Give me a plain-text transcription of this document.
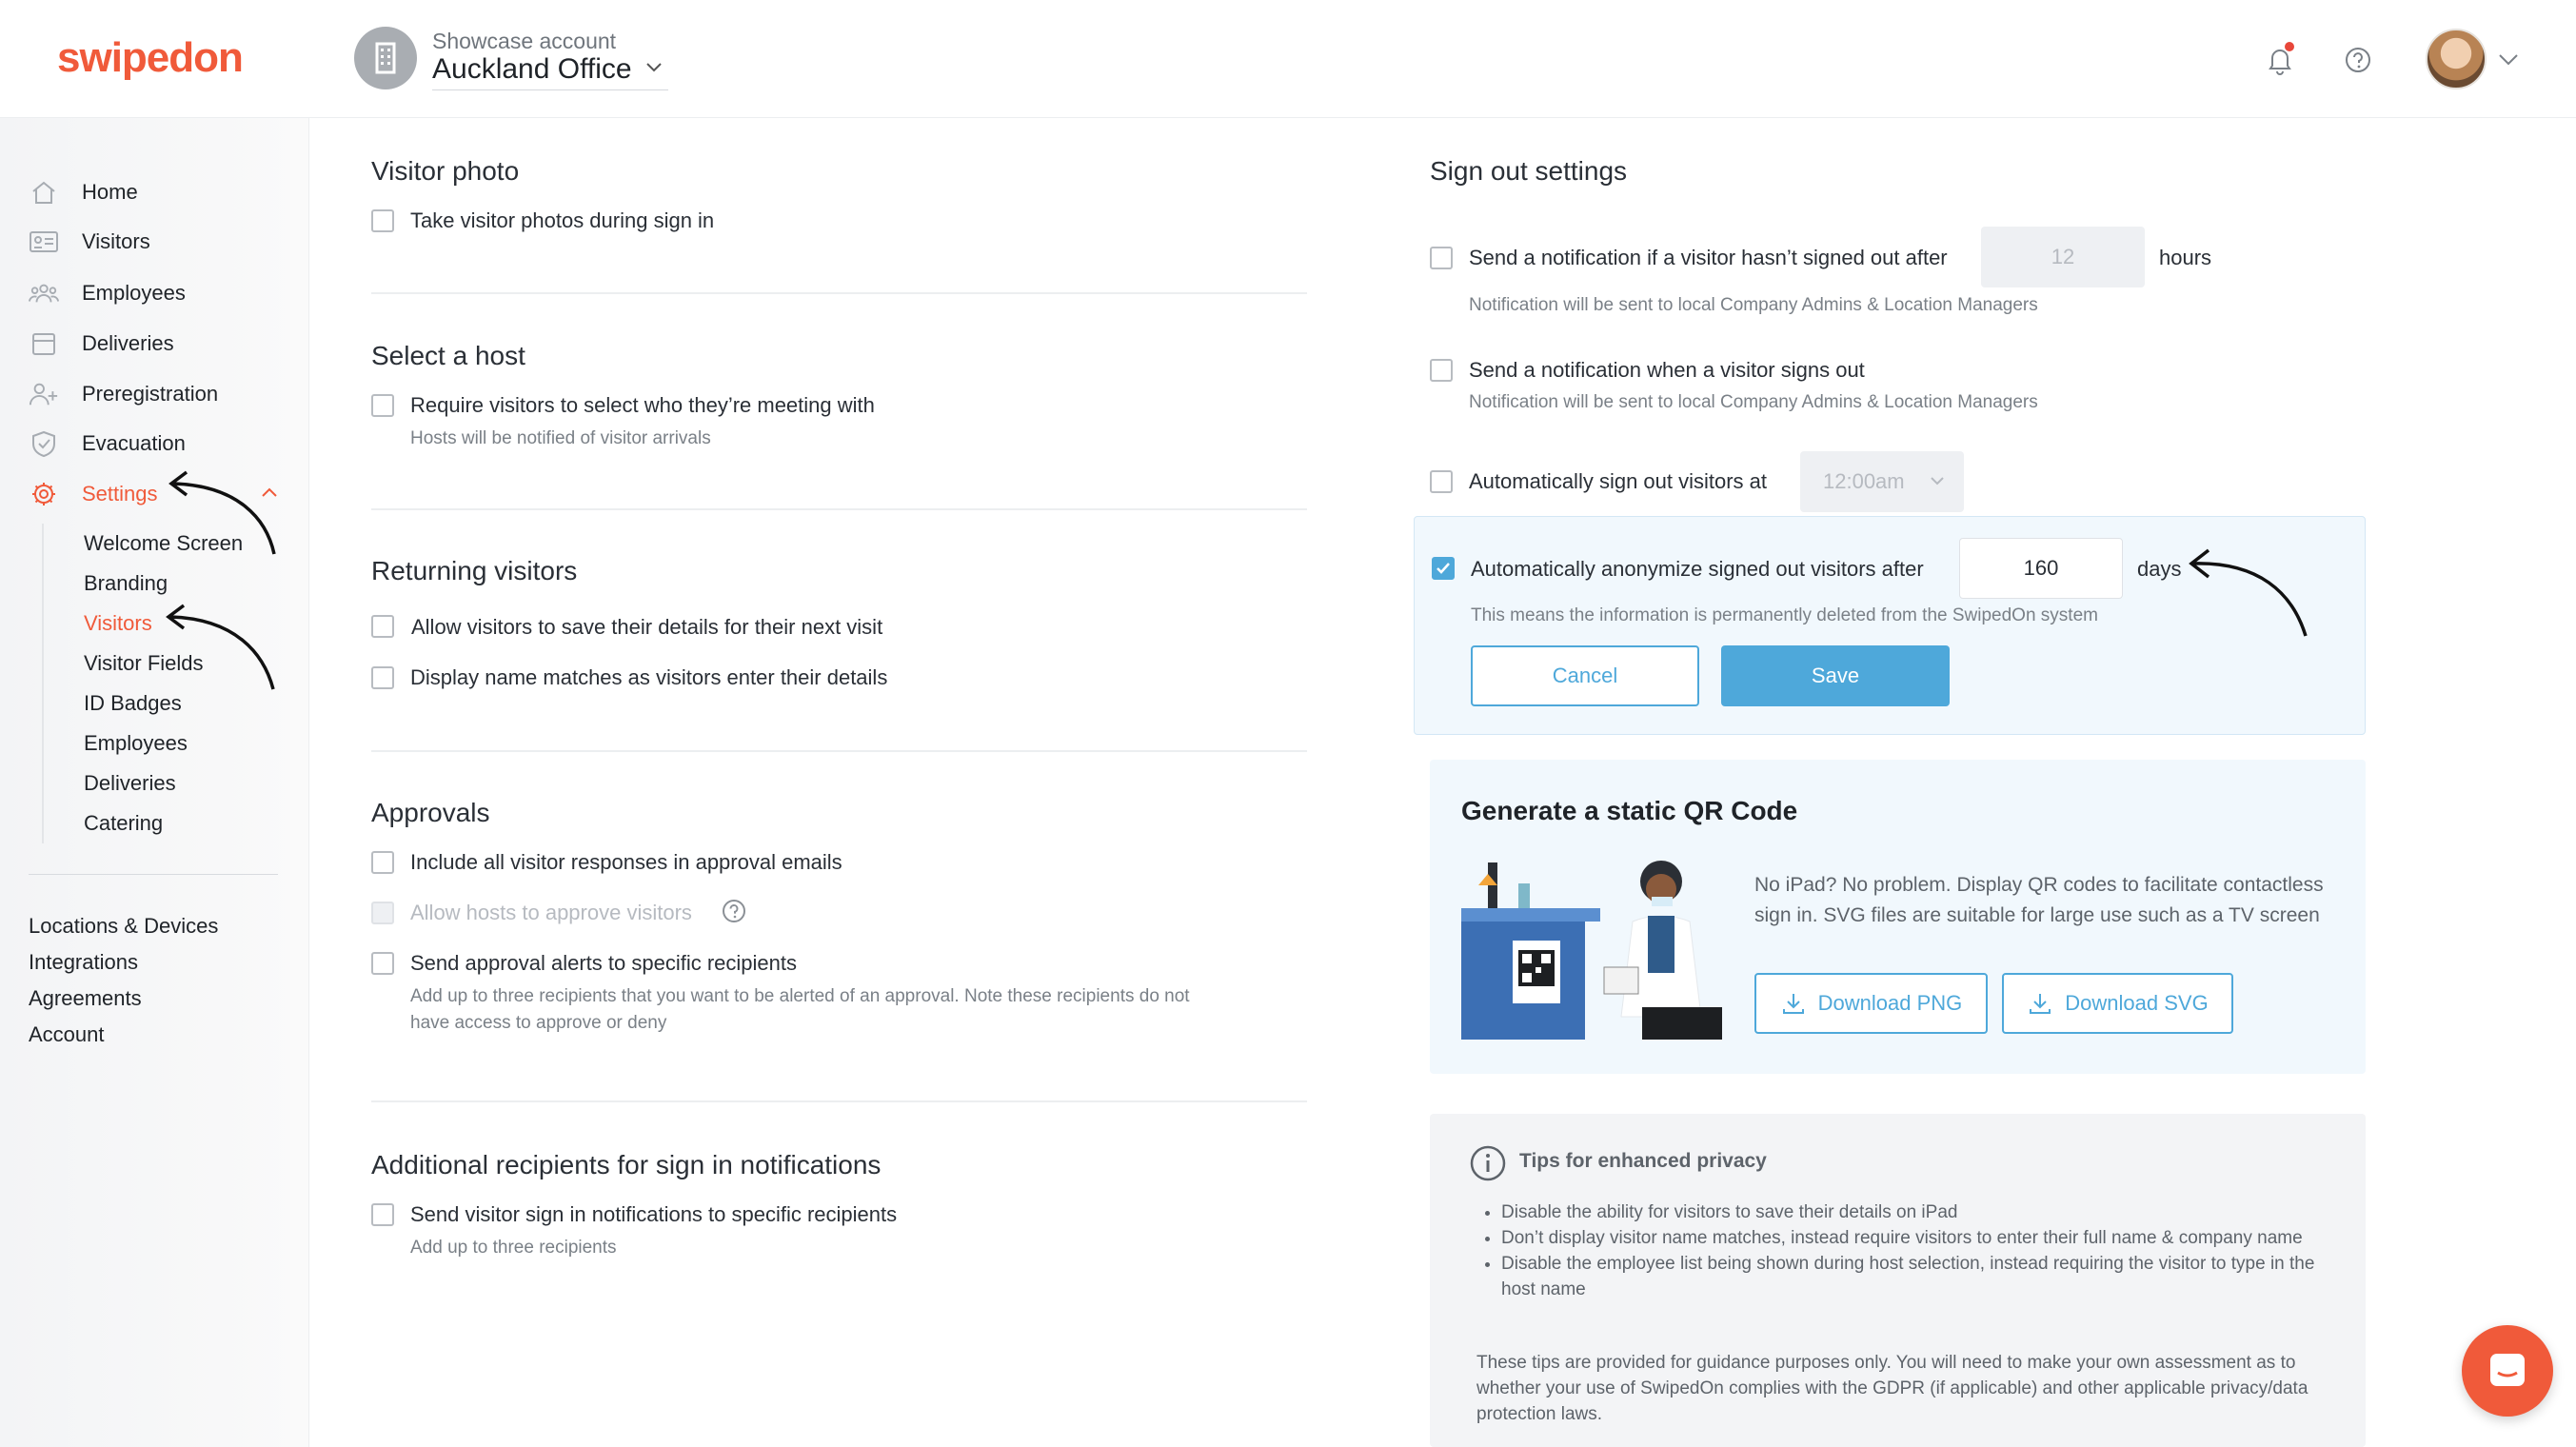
swipedon	Showcase account
Auckland Office
Home
Visitors
Employees
Deliveries
Preregistration
Evacuation
Settings
Welcome Screen
Branding
Visitors
Visitor Fields
ID Badges
Employees
Deliveries
Catering
Locations & Devices
Integrations
Agreements
Account
Visitor photo
Take visitor photos during sign in
Select a host
Require visitors to select who they’re meeting with
Hosts will be notified of visitor arrivals
Returning visitors
Allow visitors to save their details for their next visit
Display name matches as visitors enter their details
Approvals
Include all visitor responses in approval emails
Allow hosts to approve visitors
Send approval alerts to specific recipients
Add up to three recipients that you want to be alerted of an approval. Note these recipients do not
have access to approve or deny
Additional recipients for sign in notifications
Send visitor sign in notifications to specific recipients
Add up to three recipients
Sign out settings
Send a notification if a visitor hasn’t signed out after	12	hours
Notification will be sent to local Company Admins & Location Managers
Send a notification when a visitor signs out
Notification will be sent to local Company Admins & Location Managers
Automatically sign out visitors at	12:00am
Automatically anonymize signed out visitors after	160	days
This means the information is permanently deleted from the SwipedOn system
Cancel	Save
Generate a static QR Code
No iPad? No problem. Display QR codes to facilitate contactless sign in. SVG files are suitable for large use such as a TV screen
Download PNG	Download SVG
Tips for enhanced privacy
• Disable the ability for visitors to save their details on iPad
• Don’t display visitor name matches, instead require visitors to enter their full name & company name
• Disable the employee list being shown during host selection, instead requiring the visitor to type in the host name
These tips are provided for guidance purposes only. You will need to make your own assessment as to whether your use of SwipedOn complies with the GDPR (if applicable) and other applicable privacy/data protection laws.
